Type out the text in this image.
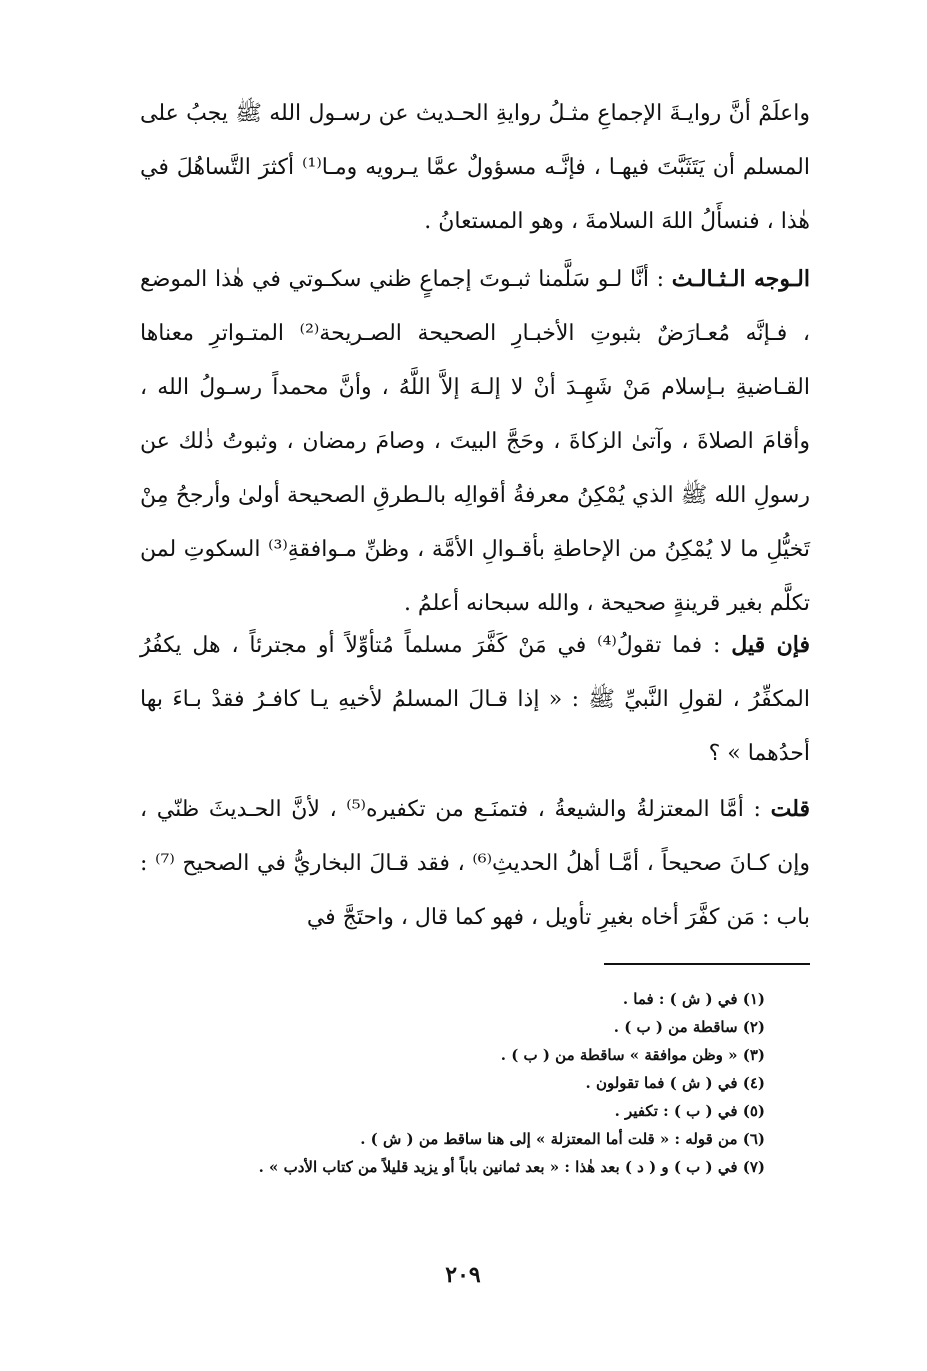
واعلَمْ أنَّ روايـةَ الإجماعِ مثـلُ روايةِ الحـديث عن رسـول الله ﷺ يجبُ على المسلم أن يَتَثَبَّتَ فيهـا ، فإنَّـه مسؤولٌ عمَّا يـرويه ومـا⁽¹⁾ أكثرَ التَّساهُلَ في هٰذا ، فنسأَلُ اللهَ السلامةَ ، وهو المستعانُ .

الـوجه الـثـالـث : أنَّا لـو سَلَّمنا ثبـوتَ إجماعٍ ظني سكـوتي في هٰذا الموضع ، فـإنَّه مُعـارَضٌ بثبوتِ الأخبـارِ الصحيحة الصـريحة⁽²⁾ المتـواترِ معناها القـاضيةِ بـإسلام مَنْ شَهِـدَ أنْ لا إلـهَ إلاَّ اللَّهُ ، وأنَّ محمداً رسـولُ الله ، وأقامَ الصلاةَ ، وآتىٰ الزكاةَ ، وحَجَّ البيتَ ، وصامَ رمضان ، وثبوتُ ذٰلك عن رسولِ الله ﷺ الذي يُمْكِنُ معرفةُ أقوالِه بالـطرقِ الصحيحة أولىٰ وأرجحُ مِنْ تَخيُّلِ ما لا يُمْكِنُ من الإحاطةِ بأقـوالِ الأمَّة ، وظنِّ مـوافقةِ⁽³⁾ السكوتِ لمن تكلَّم بغير قرينةٍ صحيحة ، والله سبحانه أعلمُ .

فإن قيل : فما تقولُ⁽⁴⁾ في مَنْ كَفَّرَ مسلماً مُتأوِّلاً أو مجترئاً ، هل يكفُرُ المكفِّرُ ، لقولِ النَّبيِّ ﷺ : « إذا قـالَ المسلمُ لأخيهِ يـا كافـرُ فقدْ بـاءَ بها أحدُهما » ؟

قلت : أمَّا المعتزلةُ والشيعةُ ، فتمنَـع من تكفيره⁽⁵⁾ ، لأنَّ الحـديثَ ظنّي ، وإن كـانَ صحيحاً ، أمَّـا أهلُ الحديثِ⁽⁶⁾ ، فقد قـالَ البخاريُّ في الصحيح ⁽⁷⁾ : باب : مَن كفَّرَ أخاه بغيرِ تأويل ، فهو كما قال ، واحتَجَّ في

(١) في ( ش ) : فما .
(٢) ساقطة من ( ب ) .
(٣) « وظن موافقة » ساقطة من ( ب ) .
(٤) في ( ش ) فما تقولون .
(٥) في ( ب ) : تكفير .
(٦) من قوله : « قلت أما المعتزلة » إلى هنا ساقط من ( ش ) .
(٧) في ( ب ) و ( د ) بعد هٰذا : « بعد ثمانين باباً أو يزيد قليلاً من كتاب الأدب » .
٢٠٩
